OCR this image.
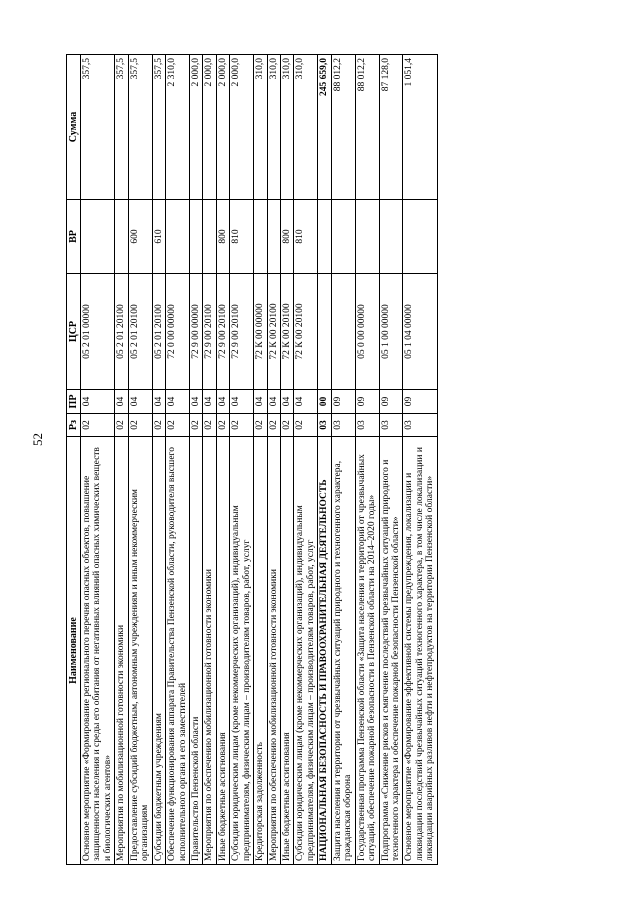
52
Наименование	Рз	ПР	ЦСР	ВР	Сумма
Основное мероприятие «Формирование регионального перечня опасных объектов, повышение защищенности населения и среды его обитания от негативных влияний опасных химических веществ и биологических агентов»	02	04	05 2 01 00000		357,5
Мероприятия по мобилизационной готовности экономики	02	04	05 2 01 20100		357,5
Предоставление субсидий бюджетным, автономным учреждениям и иным некоммерческим организациям	02	04	05 2 01 20100	600	357,5
Субсидии бюджетным учреждениям	02	04	05 2 01 20100	610	357,5
Обеспечение функционирования аппарата Правительства Пензенской области, руководителя высшего исполнительного органа и его заместителей	02	04	72 0 00 00000		2 310,0
Правительство Пензенской области	02	04	72 9 00 00000		2 000,0
Мероприятия по обеспечению мобилизационной готовности экономики	02	04	72 9 00 20100		2 000,0
Иные бюджетные ассигнования	02	04	72 9 00 20100	800	2 000,0
Субсидии юридическим лицам (кроме некоммерческих организаций), индивидуальным предпринимателям, физическим лицам – производителям товаров, работ, услуг	02	04	72 9 00 20100	810	2 000,0
Кредиторская задолженность	02	04	72 К 00 00000		310,0
Мероприятия по обеспечению мобилизационной готовности экономики	02	04	72 К 00 20100		310,0
Иные бюджетные ассигнования	02	04	72 К 00 20100	800	310,0
Субсидии юридическим лицам (кроме некоммерческих организаций), индивидуальным предпринимателям, физическим лицам – производителям товаров, работ, услуг	02	04	72 К 00 20100	810	310,0
НАЦИОНАЛЬНАЯ БЕЗОПАСНОСТЬ И ПРАВООХРАНИТЕЛЬНАЯ ДЕЯТЕЛЬНОСТЬ	03	00			245 659,0
Защита населения и территории от чрезвычайных ситуаций природного и техногенного характера, гражданская оборона	03	09			88 012,2
Государственная программа Пензенской области «Защита населения и территорий от чрезвычайных ситуаций, обеспечение пожарной безопасности в Пензенской области на 2014–2020 годы»	03	09	05 0 00 00000		88 012,2
Подпрограмма «Снижение рисков и смягчение последствий чрезвычайных ситуаций природного и техногенного характера и обеспечение пожарной безопасности Пензенской области»	03	09	05 1 00 00000		87 128,0
Основное мероприятие «Формирование эффективной системы предупреждения, локализации и ликвидации последствий чрезвычайных ситуаций техногенного характера, в том числе локализации и ликвидации аварийных разливов нефти и нефтепродуктов на территории Пензенской области»	03	09	05 1 04 00000		1 051,4
